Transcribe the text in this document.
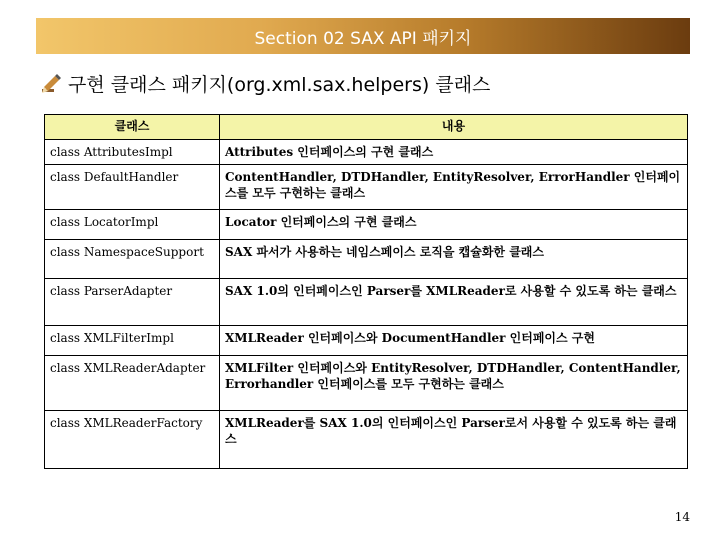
Section 02 SAX API 패키지
구현 클래스 패키지(org.xml.sax.helpers) 클래스
클래스	내용
class AttributesImpl	Attributes 인터페이스의 구현 클래스
class DefaultHandler	ContentHandler, DTDHandler, EntityResolver, ErrorHandler 인터페이스를 모두 구현하는 클래스
class LocatorImpl	Locator 인터페이스의 구현 클래스
class NamespaceSupport	SAX 파서가 사용하는 네임스페이스 로직을 캡슐화한 클래스
class ParserAdapter	SAX 1.0의 인터페이스인 Parser를 XMLReader로 사용할 수 있도록 하는 클래스
class XMLFilterImpl	XMLReader 인터페이스와 DocumentHandler 인터페이스 구현
class XMLReaderAdapter	XMLFilter 인터페이스와 EntityResolver, DTDHandler, ContentHandler, Errorhandler 인터페이스를 모두 구현하는 클래스
class XMLReaderFactory	XMLReader를 SAX 1.0의 인터페이스인 Parser로서 사용할 수 있도록 하는 클래스
14
